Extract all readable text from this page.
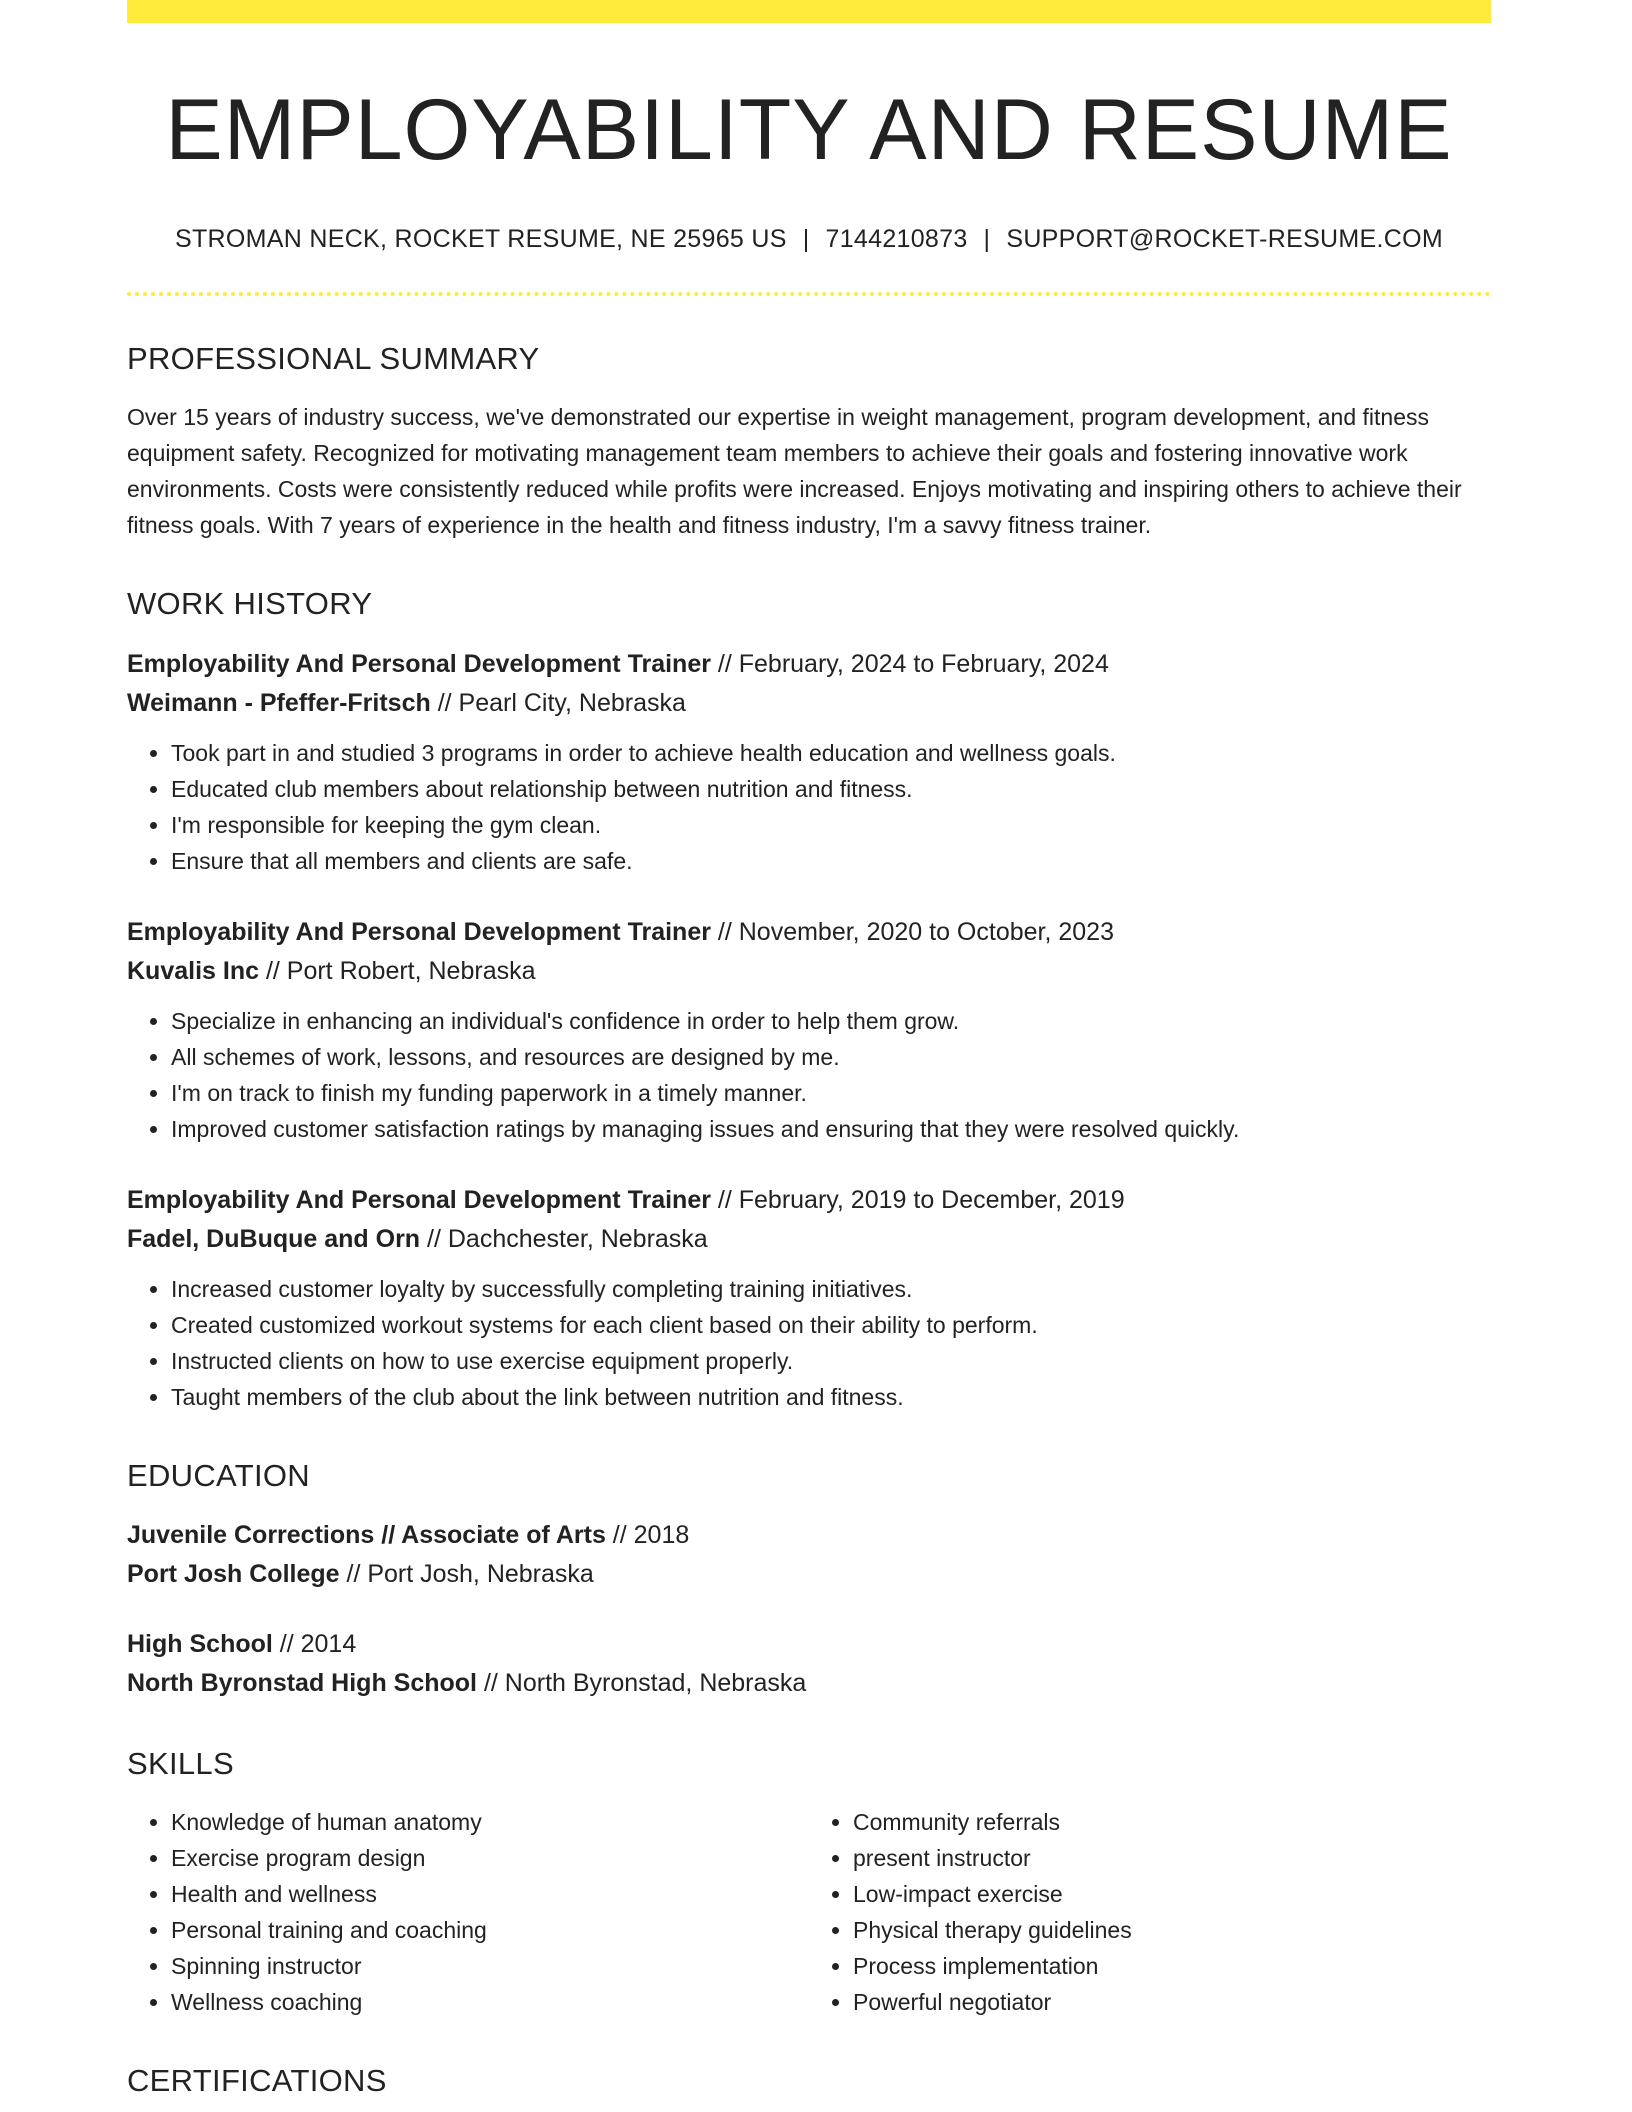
EMPLOYABILITY AND RESUME
STROMAN NECK, ROCKET RESUME, NE 25965 US | 7144210873 | SUPPORT@ROCKET-RESUME.COM
PROFESSIONAL SUMMARY

Over 15 years of industry success, we've demonstrated our expertise in weight management, program development, and fitness equipment safety. Recognized for motivating management team members to achieve their goals and fostering innovative work environments. Costs were consistently reduced while profits were increased. Enjoys motivating and inspiring others to achieve their fitness goals. With 7 years of experience in the health and fitness industry, I'm a savvy fitness trainer.

WORK HISTORY
Employability And Personal Development Trainer // February, 2024 to February, 2024
Weimann - Pfeffer-Fritsch // Pearl City, Nebraska
• Took part in and studied 3 programs in order to achieve health education and wellness goals.
• Educated club members about relationship between nutrition and fitness.
• I'm responsible for keeping the gym clean.
• Ensure that all members and clients are safe.
Employability And Personal Development Trainer // November, 2020 to October, 2023
Kuvalis Inc // Port Robert, Nebraska
• Specialize in enhancing an individual's confidence in order to help them grow.
• All schemes of work, lessons, and resources are designed by me.
• I'm on track to finish my funding paperwork in a timely manner.
• Improved customer satisfaction ratings by managing issues and ensuring that they were resolved quickly.
Employability And Personal Development Trainer // February, 2019 to December, 2019
Fadel, DuBuque and Orn // Dachchester, Nebraska
• Increased customer loyalty by successfully completing training initiatives.
• Created customized workout systems for each client based on their ability to perform.
• Instructed clients on how to use exercise equipment properly.
• Taught members of the club about the link between nutrition and fitness.
EDUCATION
Juvenile Corrections // Associate of Arts // 2018
Port Josh College // Port Josh, Nebraska
High School // 2014
North Byronstad High School // North Byronstad, Nebraska
SKILLS
• Knowledge of human anatomy
• Exercise program design
• Health and wellness
• Personal training and coaching
• Spinning instructor
• Wellness coaching
• Community referrals
• present instructor
• Low-impact exercise
• Physical therapy guidelines
• Process implementation
• Powerful negotiator
CERTIFICATIONS
